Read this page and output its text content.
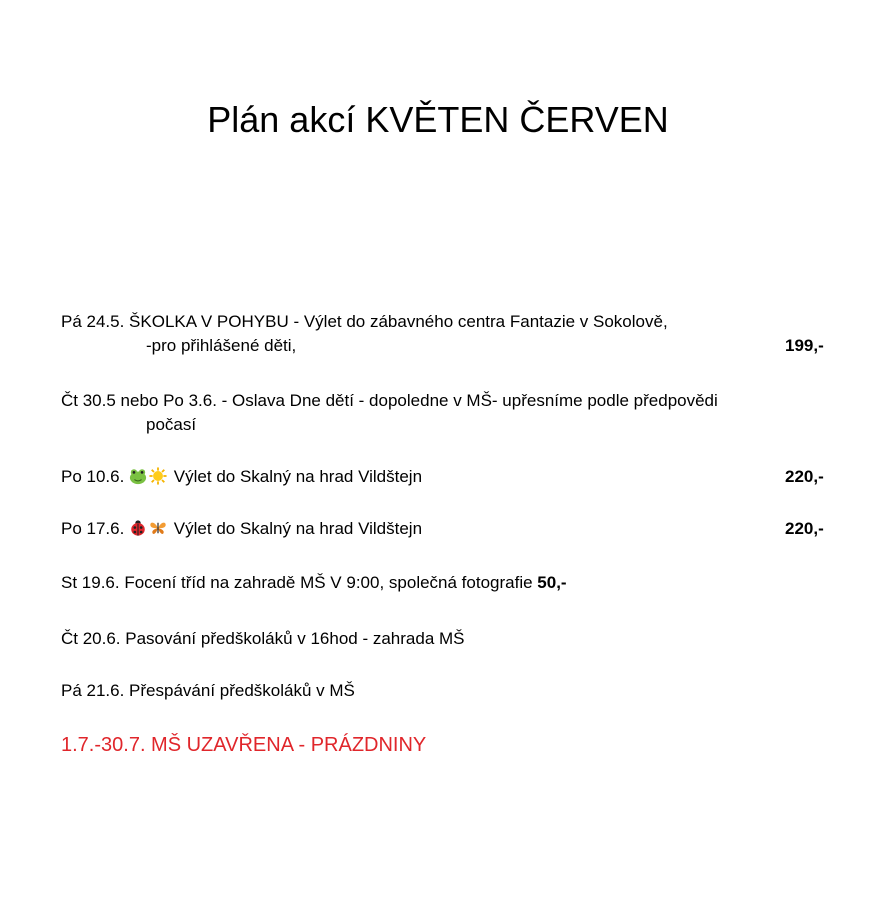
Plán akcí KVĚTEN ČERVEN
Pá 24.5. ŠKOLKA V POHYBU - Výlet do zábavného centra Fantazie v Sokolově,
-pro přihlášené děti,	199,-
Čt 30.5 nebo Po 3.6. - Oslava Dne dětí - dopoledne v MŠ- upřesníme podle předpovědi
počasí
Po 10.6.	Výlet do Skalný na hrad Vildštejn	220,-
Po 17.6.	Výlet do Skalný na hrad Vildštejn	220,-
St 19.6. Focení tříd na zahradě MŠ V 9:00, společná fotografie 50,-
Čt 20.6. Pasování předškoláků v 16hod - zahrada MŠ
Pá 21.6. Přespávání předškoláků v MŠ
1.7.-30.7. MŠ UZAVŘENA - PRÁZDNINY
